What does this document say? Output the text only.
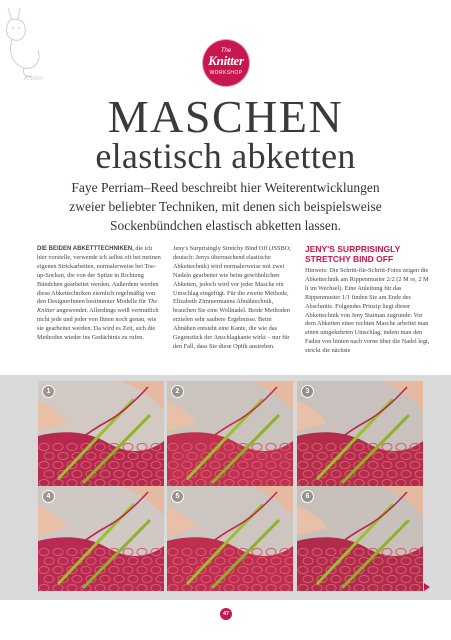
Knitter
The
Knitter
WORKSHOP
MASCHEN
elastisch abketten
Faye Perriam–Reed beschreibt hier Weiterentwicklungen
zweier beliebter Techniken, mit denen sich beispielsweise
Sockenbündchen elastisch abketten lassen.
DIE BEIDEN ABKETTTECHNIKEN, die ich hier vorstelle, verwende ich selbst oft bei meinen eigenen Strickarbeiten, normalerweise bei Toe-up-Socken, die von der Spitze in Richtung Bündchen gearbeitet werden. Außerdem werden diese Abkettechniken ziemlich regelmäßig von den DesignerInnen bestimmter Modelle für The Knitter angewendet. Allerdings weiß vermutlich nicht jede und jeder von Ihnen noch genau, wie sie gearbeitet werden. Da wird es Zeit, sich die Methoden wieder ins Gedächtnis zu rufen.
Jeny's Surprisingly Stretchy Bind Off (JSSBO; deutsch: Jenys überraschend elastische Abkettechnik) wird normalerweise mit zwei Nadeln gearbeitet wie beim gewöhnlichen Abketten, jedoch wird vor jeder Masche ein Umschlag eingefügt. Für die zweite Methode, Elizabeth Zimmermanns Abnähtechnik, brauchen Sie eine Wollnadel. Beide Methoden erzielen sehr saubere Ergebnisse. Beim Abnähen entsteht eine Kante, die wie das Gegenstück der Anschlagkante wirkt – nur für den Fall, dass Sie diese Optik anstreben.
JENY'S SURPRISINGLY STRETCHY BIND OFF
Hinweis: Die Schritt-für-Schritt-Fotos zeigen die Abkettechnik am Rippenmuster 2/2 (2 M re, 2 M li im Wechsel). Eine Anleitung für das Rippenmuster 1/1 finden Sie am Ende des Abschnitts. Folgendes Prinzip liegt dieser Abkettechnik von Jeny Staiman zugrunde: Vor dem Abketten einer rechten Masche arbeitet man einen umgekehrten Umschlag, indem man den Faden von hinten nach vorne über die Nadel legt, strickt die nächste
1	2	3
4	5	6
47
